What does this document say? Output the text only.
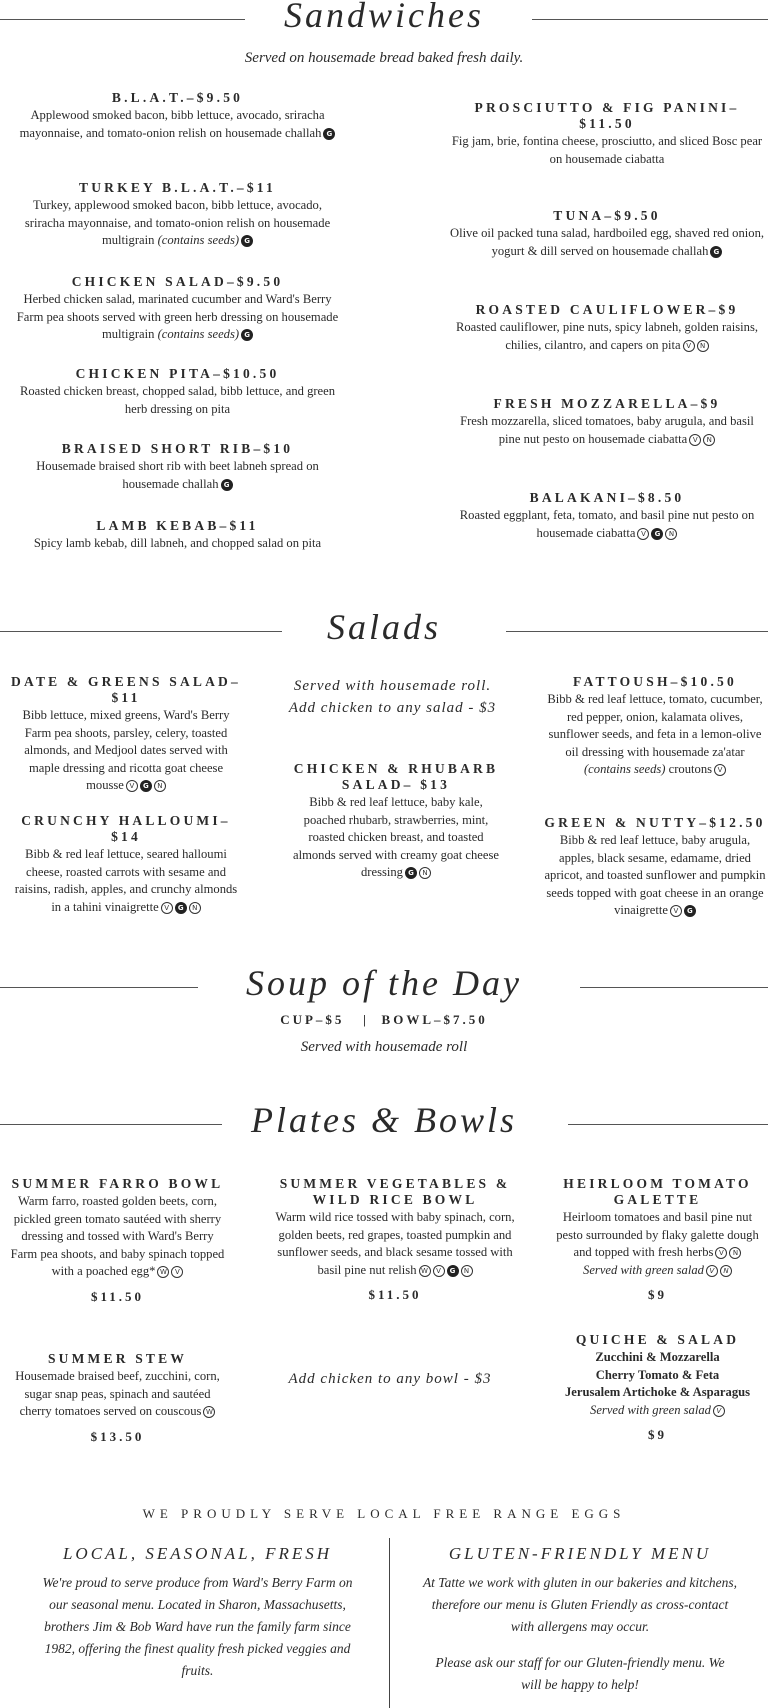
Sandwiches
Served on housemade bread baked fresh daily.
Salads
Served with housemade roll.
Add chicken to any salad - $3
Soup of the Day
CUP–$5   |  BOWL–$7.50
Served with housemade roll
Plates & Bowls
Add chicken to any bowl - $3
WE PROUDLY SERVE LOCAL FREE RANGE EGGS
LOCAL, SEASONAL, FRESH
We're proud to serve produce from Ward's Berry Farm on our seasonal menu. Located in Sharon, Massachusetts, brothers Jim & Bob Ward have run the family farm since 1982, offering the finest quality fresh picked veggies and fruits.
GLUTEN-FRIENDLY MENU
At Tatte we work with gluten in our bakeries and kitchens, therefore our menu is Gluten Friendly as cross-contact with allergens may occur.
Please ask our staff for our Gluten-friendly menu. We will be happy to help!
B.L.A.T.–$9.50
Applewood smoked bacon, bibb lettuce, avocado, sriracha mayonnaise, and tomato-onion relish on housemade challah G
TURKEY B.L.A.T.–$11
Turkey, applewood smoked bacon, bibb lettuce, avocado, sriracha mayonnaise, and tomato-onion relish on housemade multigrain (contains seeds) G
CHICKEN SALAD–$9.50
Herbed chicken salad, marinated cucumber and Ward's Berry Farm pea shoots served with green herb dressing on housemade multigrain (contains seeds) G
CHICKEN PITA–$10.50
Roasted chicken breast, chopped salad, bibb lettuce, and green herb dressing on pita
BRAISED SHORT RIB–$10
Housemade braised short rib with beet labneh spread on housemade challah G
LAMB KEBAB–$11
Spicy lamb kebab, dill labneh, and chopped salad on pita
PROSCIUTTO & FIG PANINI–$11.50
Fig jam, brie, fontina cheese, prosciutto, and sliced Bosc pear on housemade ciabatta
TUNA–$9.50
Olive oil packed tuna salad, hardboiled egg, shaved red onion, yogurt & dill served on housemade challah G
ROASTED CAULIFLOWER–$9
Roasted cauliflower, pine nuts, spicy labneh, golden raisins, chilies, cilantro, and capers on pita V N
FRESH MOZZARELLA–$9
Fresh mozzarella, sliced tomatoes, baby arugula, and basil pine nut pesto on housemade ciabatta V N
BALAKANI–$8.50
Roasted eggplant, feta, tomato, and basil pine nut pesto on housemade ciabatta V G N
DATE & GREENS SALAD–$11
Bibb lettuce, mixed greens, Ward's Berry Farm pea shoots, parsley, celery, toasted almonds, and Medjool dates served with maple dressing and ricotta goat cheese mousse V G N
CRUNCHY HALLOUMI–$14
Bibb & red leaf lettuce, seared halloumi cheese, roasted carrots with sesame and raisins, radish, apples, and crunchy almonds in a tahini vinaigrette V G N
CHICKEN & RHUBARB SALAD– $13
Bibb & red leaf lettuce, baby kale, poached rhubarb, strawberries, mint, roasted chicken breast, and toasted almonds served with creamy goat cheese dressing G N
FATTOUSH–$10.50
Bibb & red leaf lettuce, tomato, cucumber, red pepper, onion, kalamata olives, sunflower seeds, and feta in a lemon-olive oil dressing with housemade za'atar (contains seeds) croutons V
GREEN & NUTTY–$12.50
Bibb & red leaf lettuce, baby arugula, apples, black sesame, edamame, dried apricot, and toasted sunflower and pumpkin seeds topped with goat cheese in an orange vinaigrette V G
SUMMER FARRO BOWL
Warm farro, roasted golden beets, corn, pickled green tomato sautéed with sherry dressing and tossed with Ward's Berry Farm pea shoots, and baby spinach topped with a poached egg* W V
$11.50
SUMMER STEW
Housemade braised beef, zucchini, corn, sugar snap peas, spinach and sautéed cherry tomatoes served on couscous W
$13.50
SUMMER VEGETABLES & WILD RICE BOWL
Warm wild rice tossed with baby spinach, corn, golden beets, red grapes, toasted pumpkin and sunflower seeds, and black sesame tossed with basil pine nut relish W V G N
$11.50
HEIRLOOM TOMATO GALETTE
Heirloom tomatoes and basil pine nut pesto surrounded by flaky galette dough and topped with fresh herbs V N
Served with green salad V N
$9
QUICHE & SALAD
Zucchini & Mozzarella
Cherry Tomato & Feta
Jerusalem Artichoke & Asparagus
Served with green salad V
$9
